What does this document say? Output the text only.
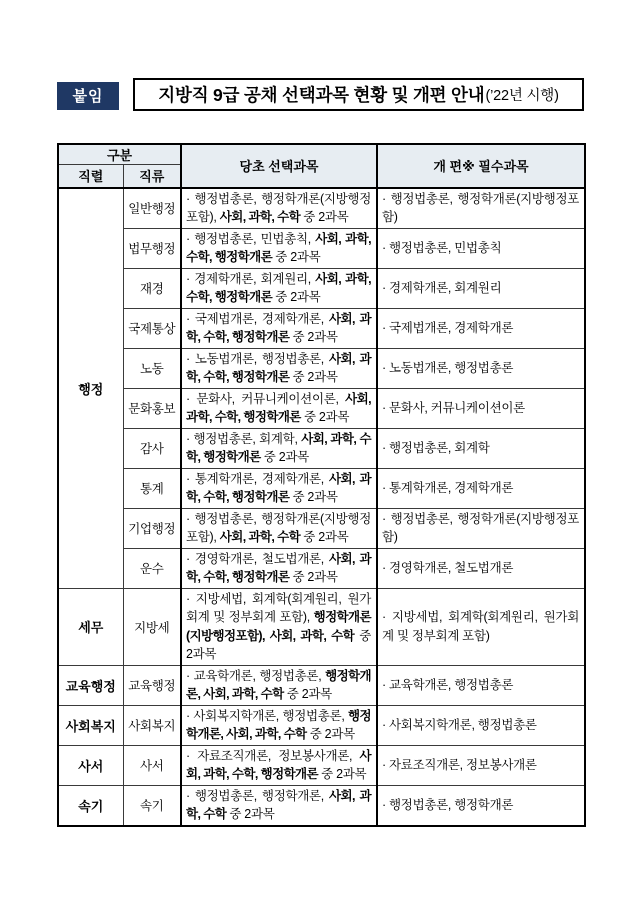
붙임	지방직 9급 공채 선택과목 현황 및 개편 안내 (’22년 시행)
구분		당초 선택과목	개 편※ 필수과목
직렬	직류		
행정	일반행정	· 행정법총론, 행정학개론(지방행정 포함), 사회, 과학, 수학 중 2과목	· 행정법총론, 행정학개론(지방행정포함)
	법무행정	· 행정법총론, 민법총칙, 사회, 과학, 수학, 행정학개론 중 2과목	· 행정법총론, 민법총칙
	재경	· 경제학개론, 회계원리, 사회, 과학, 수학, 행정학개론 중 2과목	· 경제학개론, 회계원리
	국제통상	· 국제법개론, 경제학개론, 사회, 과학, 수학, 행정학개론 중 2과목	· 국제법개론, 경제학개론
	노동	· 노동법개론, 행정법총론, 사회, 과학, 수학, 행정학개론 중 2과목	· 노동법개론, 행정법총론
	문화홍보	· 문화사, 커뮤니케이션이론, 사회, 과학, 수학, 행정학개론 중 2과목	· 문화사, 커뮤니케이션이론
	감사	· 행정법총론, 회계학, 사회, 과학, 수학, 행정학개론 중 2과목	· 행정법총론, 회계학
	통계	· 통계학개론, 경제학개론, 사회, 과학, 수학, 행정학개론 중 2과목	· 통계학개론, 경제학개론
	기업행정	· 행정법총론, 행정학개론(지방행정 포함), 사회, 과학, 수학 중 2과목	· 행정법총론, 행정학개론(지방행정포함)
	운수	· 경영학개론, 철도법개론, 사회, 과학, 수학, 행정학개론 중 2과목	· 경영학개론, 철도법개론
세무	지방세	· 지방세법, 회계학(회계원리, 원가회계 및 정부회계 포함), 행정학개론(지방행정포함), 사회, 과학, 수학 중 2과목	· 지방세법, 회계학(회계원리, 원가회계 및 정부회계 포함)
교육행정	교육행정	· 교육학개론, 행정법총론, 행정학개론, 사회, 과학, 수학 중 2과목	· 교육학개론, 행정법총론
사회복지	사회복지	· 사회복지학개론, 행정법총론, 행정학개론, 사회, 과학, 수학 중 2과목	· 사회복지학개론, 행정법총론
사서	사서	· 자료조직개론, 정보봉사개론, 사회, 과학, 수학, 행정학개론 중 2과목	· 자료조직개론, 정보봉사개론
속기	속기	· 행정법총론, 행정학개론, 사회, 과학, 수학 중 2과목	· 행정법총론, 행정학개론
